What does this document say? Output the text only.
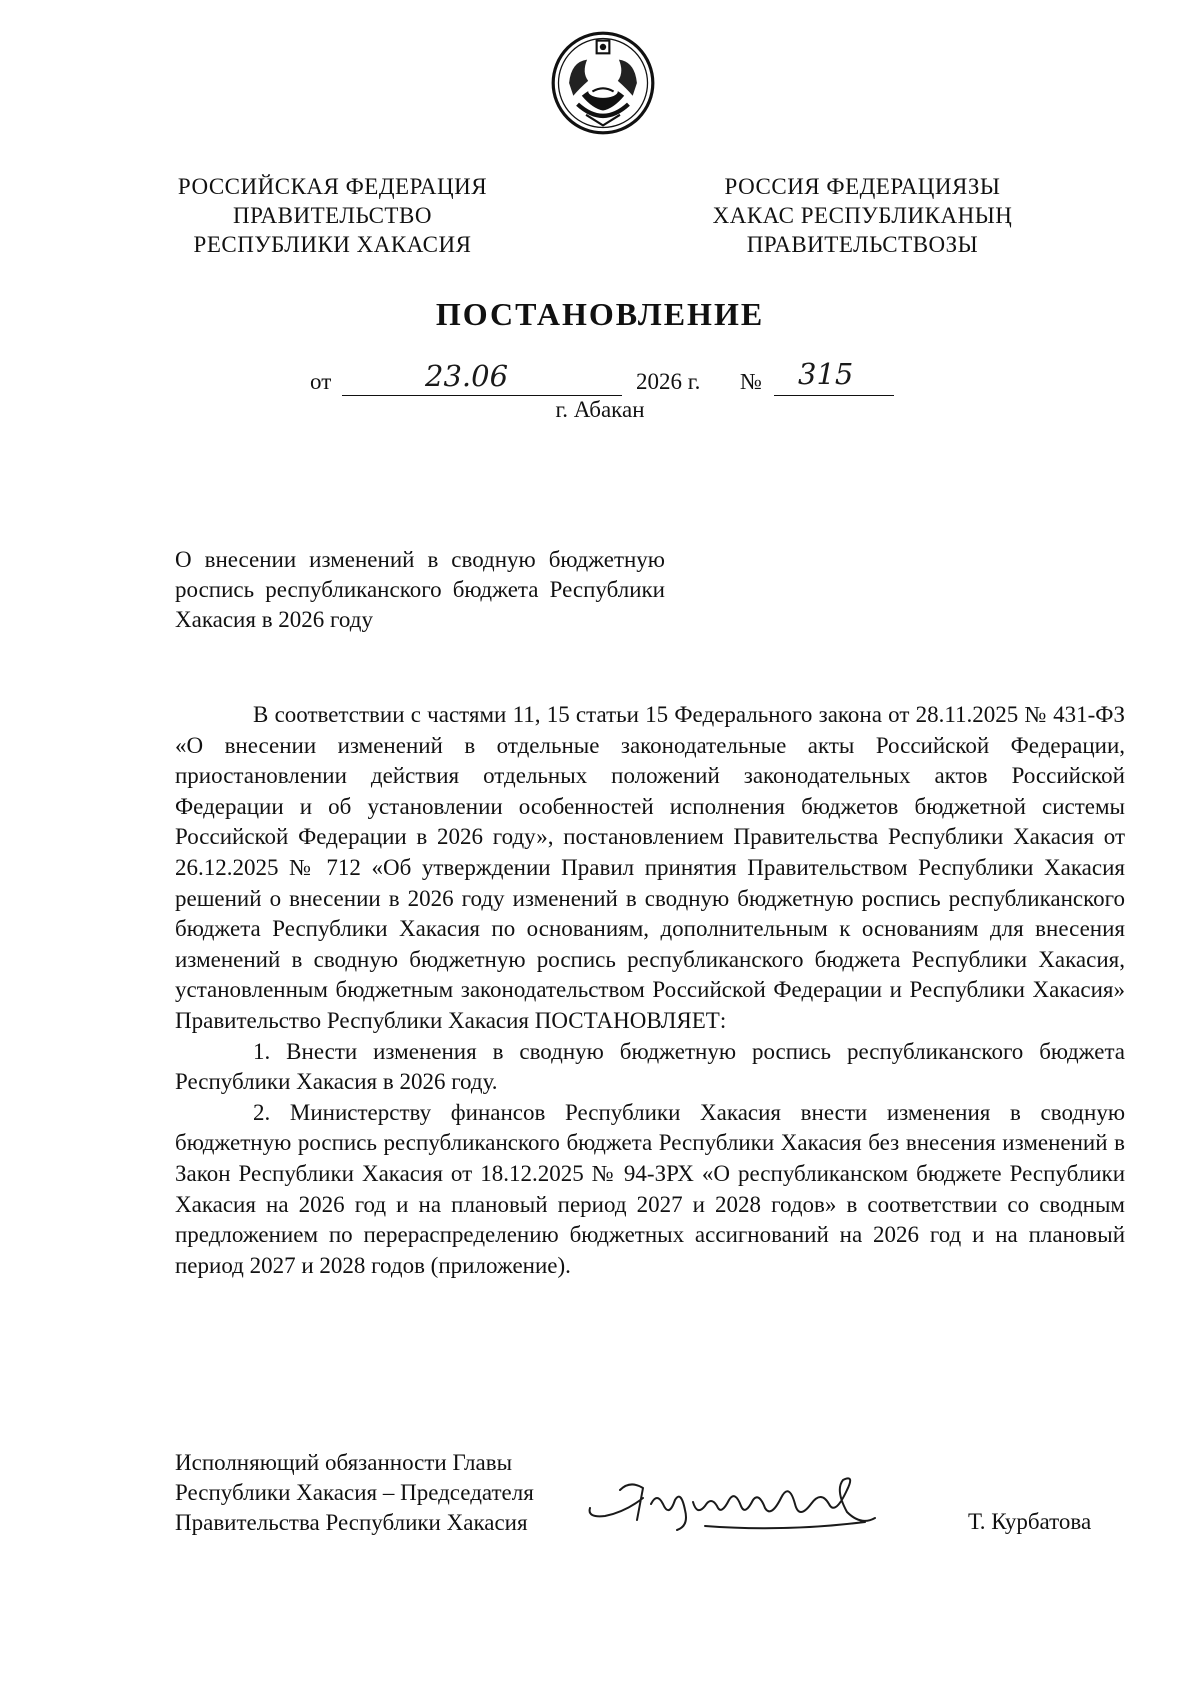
РОССИЙСКАЯ ФЕДЕРАЦИЯ
ПРАВИТЕЛЬСТВО
РЕСПУБЛИКИ ХАКАСИЯ
РОССИЯ ФЕДЕРАЦИЯЗЫ
ХАКАС РЕСПУБЛИКАНЫҢ
ПРАВИТЕЛЬСТВОЗЫ
ПОСТАНОВЛЕНИЕ
от	23.06	2026 г. № 315
г. Абакан
О внесении изменений в сводную бюджетную роспись республиканского бюджета Республики Хакасия в 2026 году

В соответствии с частями 11, 15 статьи 15 Федерального закона от 28.11.2025 № 431-ФЗ «О внесении изменений в отдельные законодательные акты Российской Федерации, приостановлении действия отдельных положений законодательных актов Российской Федерации и об установлении особенностей исполнения бюджетов бюджетной системы Российской Федерации в 2026 году», постановлением Правительства Республики Хакасия от 26.12.2025 № 712 «Об утверждении Правил принятия Правительством Республики Хакасия решений о внесении в 2026 году изменений в сводную бюджетную роспись республиканского бюджета Республики Хакасия по основаниям, дополнительным к основаниям для внесения изменений в сводную бюджетную роспись республиканского бюджета Республики Хакасия, установленным бюджетным законодательством Российской Федерации и Республики Хакасия» Правительство Республики Хакасия ПОСТАНОВЛЯЕТ:

1. Внести изменения в сводную бюджетную роспись республиканского бюджета Республики Хакасия в 2026 году.

2. Министерству финансов Республики Хакасия внести изменения в сводную бюджетную роспись республиканского бюджета Республики Хакасия без внесения изменений в Закон Республики Хакасия от 18.12.2025 № 94-ЗРХ «О республиканском бюджете Республики Хакасия на 2026 год и на плановый период 2027 и 2028 годов» в соответствии со сводным предложением по перераспределению бюджетных ассигнований на 2026 год и на плановый период 2027 и 2028 годов (приложение).

Исполняющий обязанности Главы
Республики Хакасия – Председателя
Правительства Республики Хакасия	Т. Курбатова
